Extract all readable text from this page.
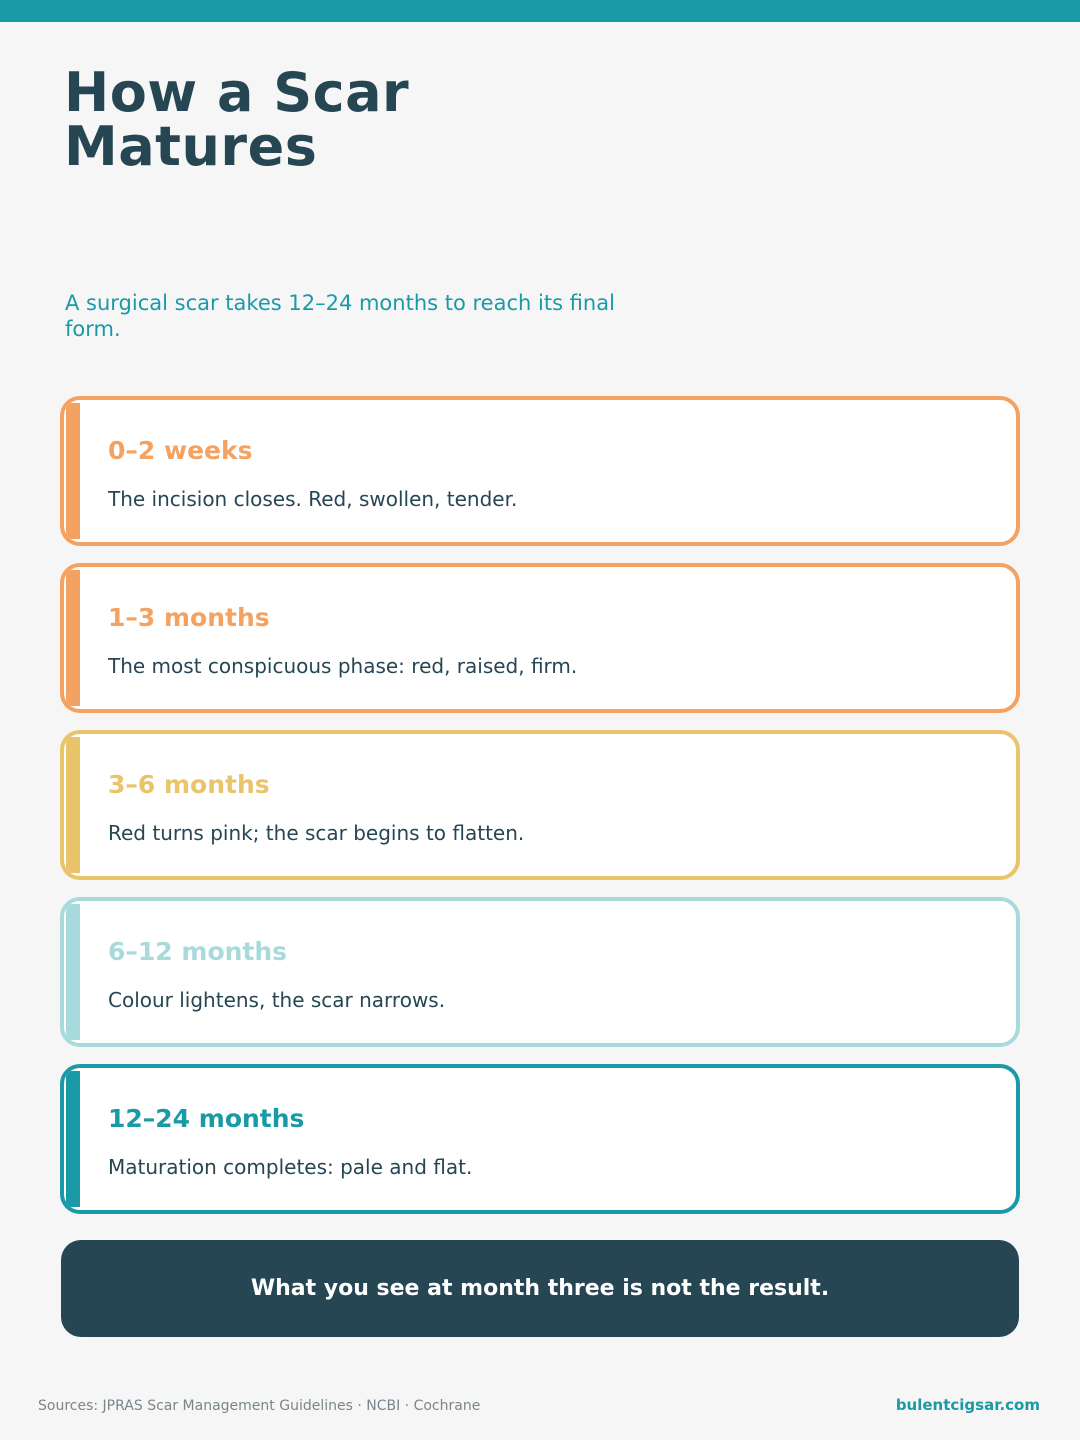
How a Scar
Matures

A surgical scar takes 12–24 months to reach its final form.

0–2 weeks
The incision closes. Red, swollen, tender.
1–3 months
The most conspicuous phase: red, raised, firm.
3–6 months
Red turns pink; the scar begins to flatten.
6–12 months
Colour lightens, the scar narrows.
12–24 months
Maturation completes: pale and flat.
What you see at month three is not the result.
Sources: JPRAS Scar Management Guidelines · NCBI · Cochrane	bulentcigsar.com
